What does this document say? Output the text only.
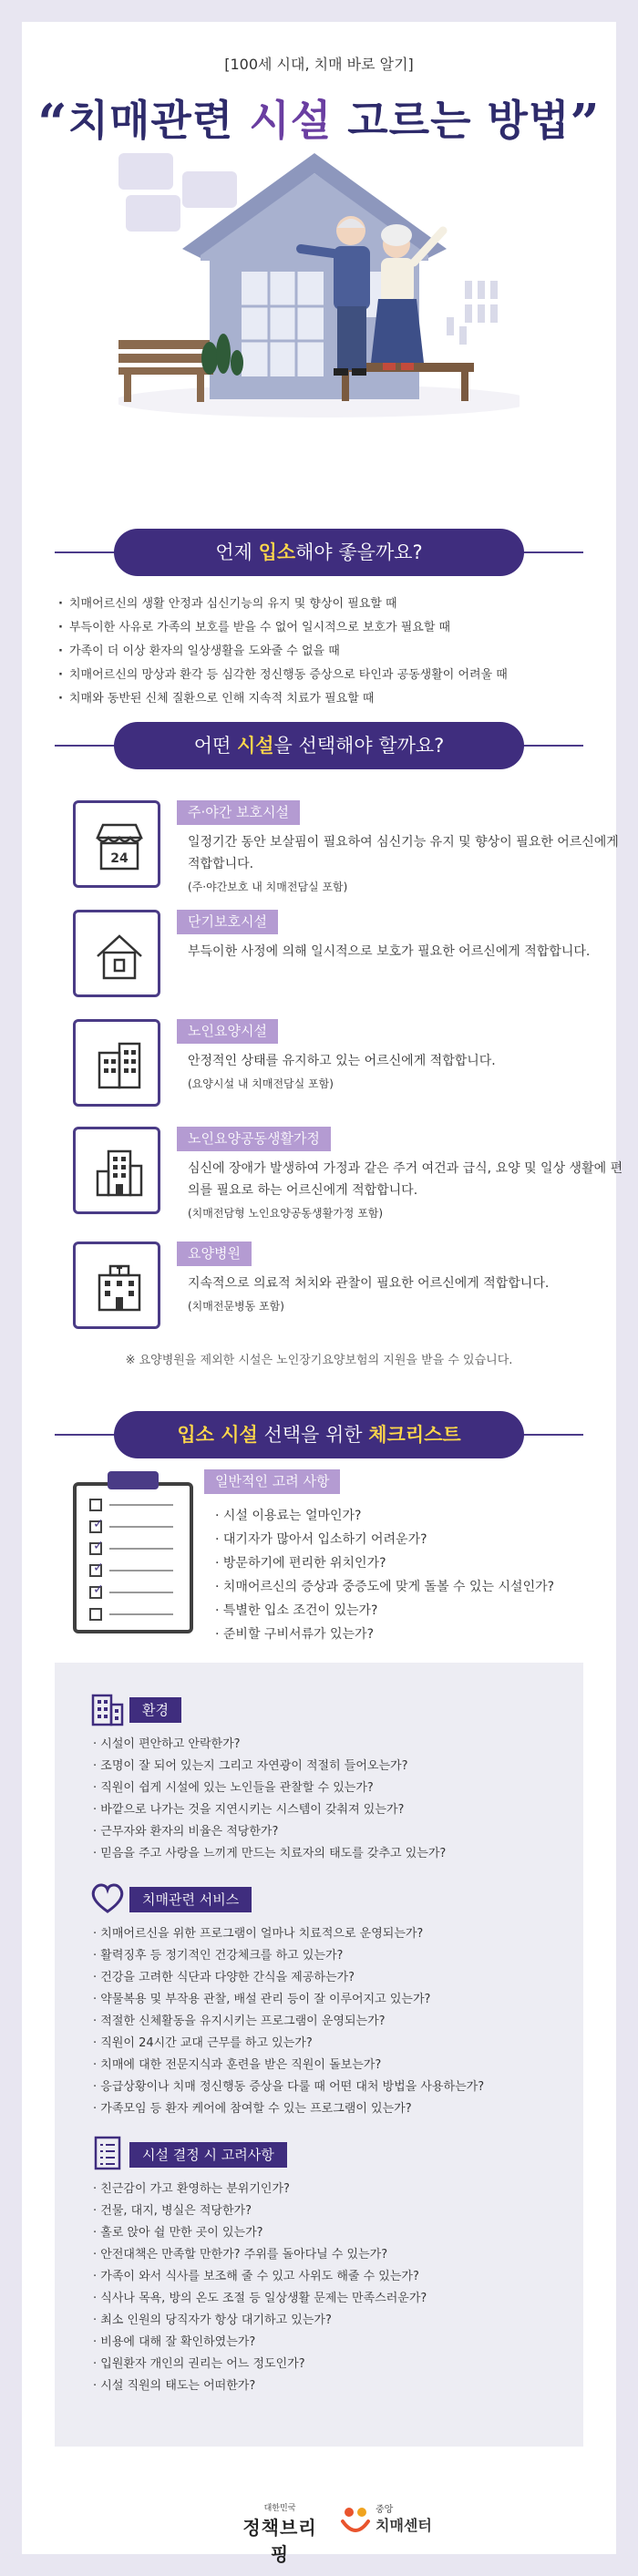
[100세 시대, 치매 바로 알기]
“치매관련 시설 고르는 방법”
언제 입소해야 좋을까요?
· 치매어르신의 생활 안정과 심신기능의 유지 및 향상이 필요할 때
· 부득이한 사유로 가족의 보호를 받을 수 없어 일시적으로 보호가 필요할 때
· 가족이 더 이상 환자의 일상생활을 도와줄 수 없을 때
· 치매어르신의 망상과 환각 등 심각한 정신행동 증상으로 타인과 공동생활이 어려울 때
· 치매와 동반된 신체 질환으로 인해 지속적 치료가 필요할 때
어떤 시설을 선택해야 할까요?
24
주·야간 보호시설
일정기간 동안 보살핌이 필요하여 심신기능 유지 및 향상이 필요한 어르신에게 적합합니다.
(주·야간보호 내 치매전담실 포함)
단기보호시설
부득이한 사정에 의해 일시적으로 보호가 필요한 어르신에게 적합합니다.
노인요양시설
안정적인 상태를 유지하고 있는 어르신에게 적합합니다.
(요양시설 내 치매전담실 포함)
노인요양공동생활가정
심신에 장애가 발생하여 가정과 같은 주거 여건과 급식, 요양 및 일상 생활에 편의를 필요로 하는 어르신에게 적합합니다.
(치매전담형 노인요양공동생활가정 포함)
요양병원
지속적으로 의료적 처치와 관찰이 필요한 어르신에게 적합합니다.
(치매전문병동 포함)
※ 요양병원을 제외한 시설은 노인장기요양보험의 지원을 받을 수 있습니다.
입소 시설 선택을 위한 체크리스트
✓
✓
✓
✓
일반적인 고려 사항
· 시설 이용료는 얼마인가?
· 대기자가 많아서 입소하기 어려운가?
· 방문하기에 편리한 위치인가?
· 치매어르신의 증상과 중증도에 맞게 돌볼 수 있는 시설인가?
· 특별한 입소 조건이 있는가?
· 준비할 구비서류가 있는가?
환경
· 시설이 편안하고 안락한가?
· 조명이 잘 되어 있는지 그리고 자연광이 적절히 들어오는가?
· 직원이 쉽게 시설에 있는 노인들을 관찰할 수 있는가?
· 바깥으로 나가는 것을 지연시키는 시스템이 갖춰져 있는가?
· 근무자와 환자의 비율은 적당한가?
· 믿음을 주고 사랑을 느끼게 만드는 치료자의 태도를 갖추고 있는가?
치매관련 서비스
· 치매어르신을 위한 프로그램이 얼마나 치료적으로 운영되는가?
· 활력징후 등 정기적인 건강체크를 하고 있는가?
· 건강을 고려한 식단과 다양한 간식을 제공하는가?
· 약물복용 및 부작용 관찰, 배설 관리 등이 잘 이루어지고 있는가?
· 적절한 신체활동을 유지시키는 프로그램이 운영되는가?
· 직원이 24시간 교대 근무를 하고 있는가?
· 치매에 대한 전문지식과 훈련을 받은 직원이 돌보는가?
· 응급상황이나 치매 정신행동 증상을 다룰 때 어떤 대처 방법을 사용하는가?
· 가족모임 등 환자 케어에 참여할 수 있는 프로그램이 있는가?
시설 결정 시 고려사항
· 친근감이 가고 환영하는 분위기인가?
· 건물, 대지, 병실은 적당한가?
· 홀로 앉아 쉴 만한 곳이 있는가?
· 안전대책은 만족할 만한가? 주위를 돌아다닐 수 있는가?
· 가족이 와서 식사를 보조해 줄 수 있고 사위도 해줄 수 있는가?
· 식사나 목욕, 방의 온도 조절 등 일상생활 문제는 만족스러운가?
· 최소 인원의 당직자가 항상 대기하고 있는가?
· 비용에 대해 잘 확인하였는가?
· 입원환자 개인의 권리는 어느 정도인가?
· 시설 직원의 태도는 어떠한가?
대한민국
정책브리핑
중앙
치매센터
